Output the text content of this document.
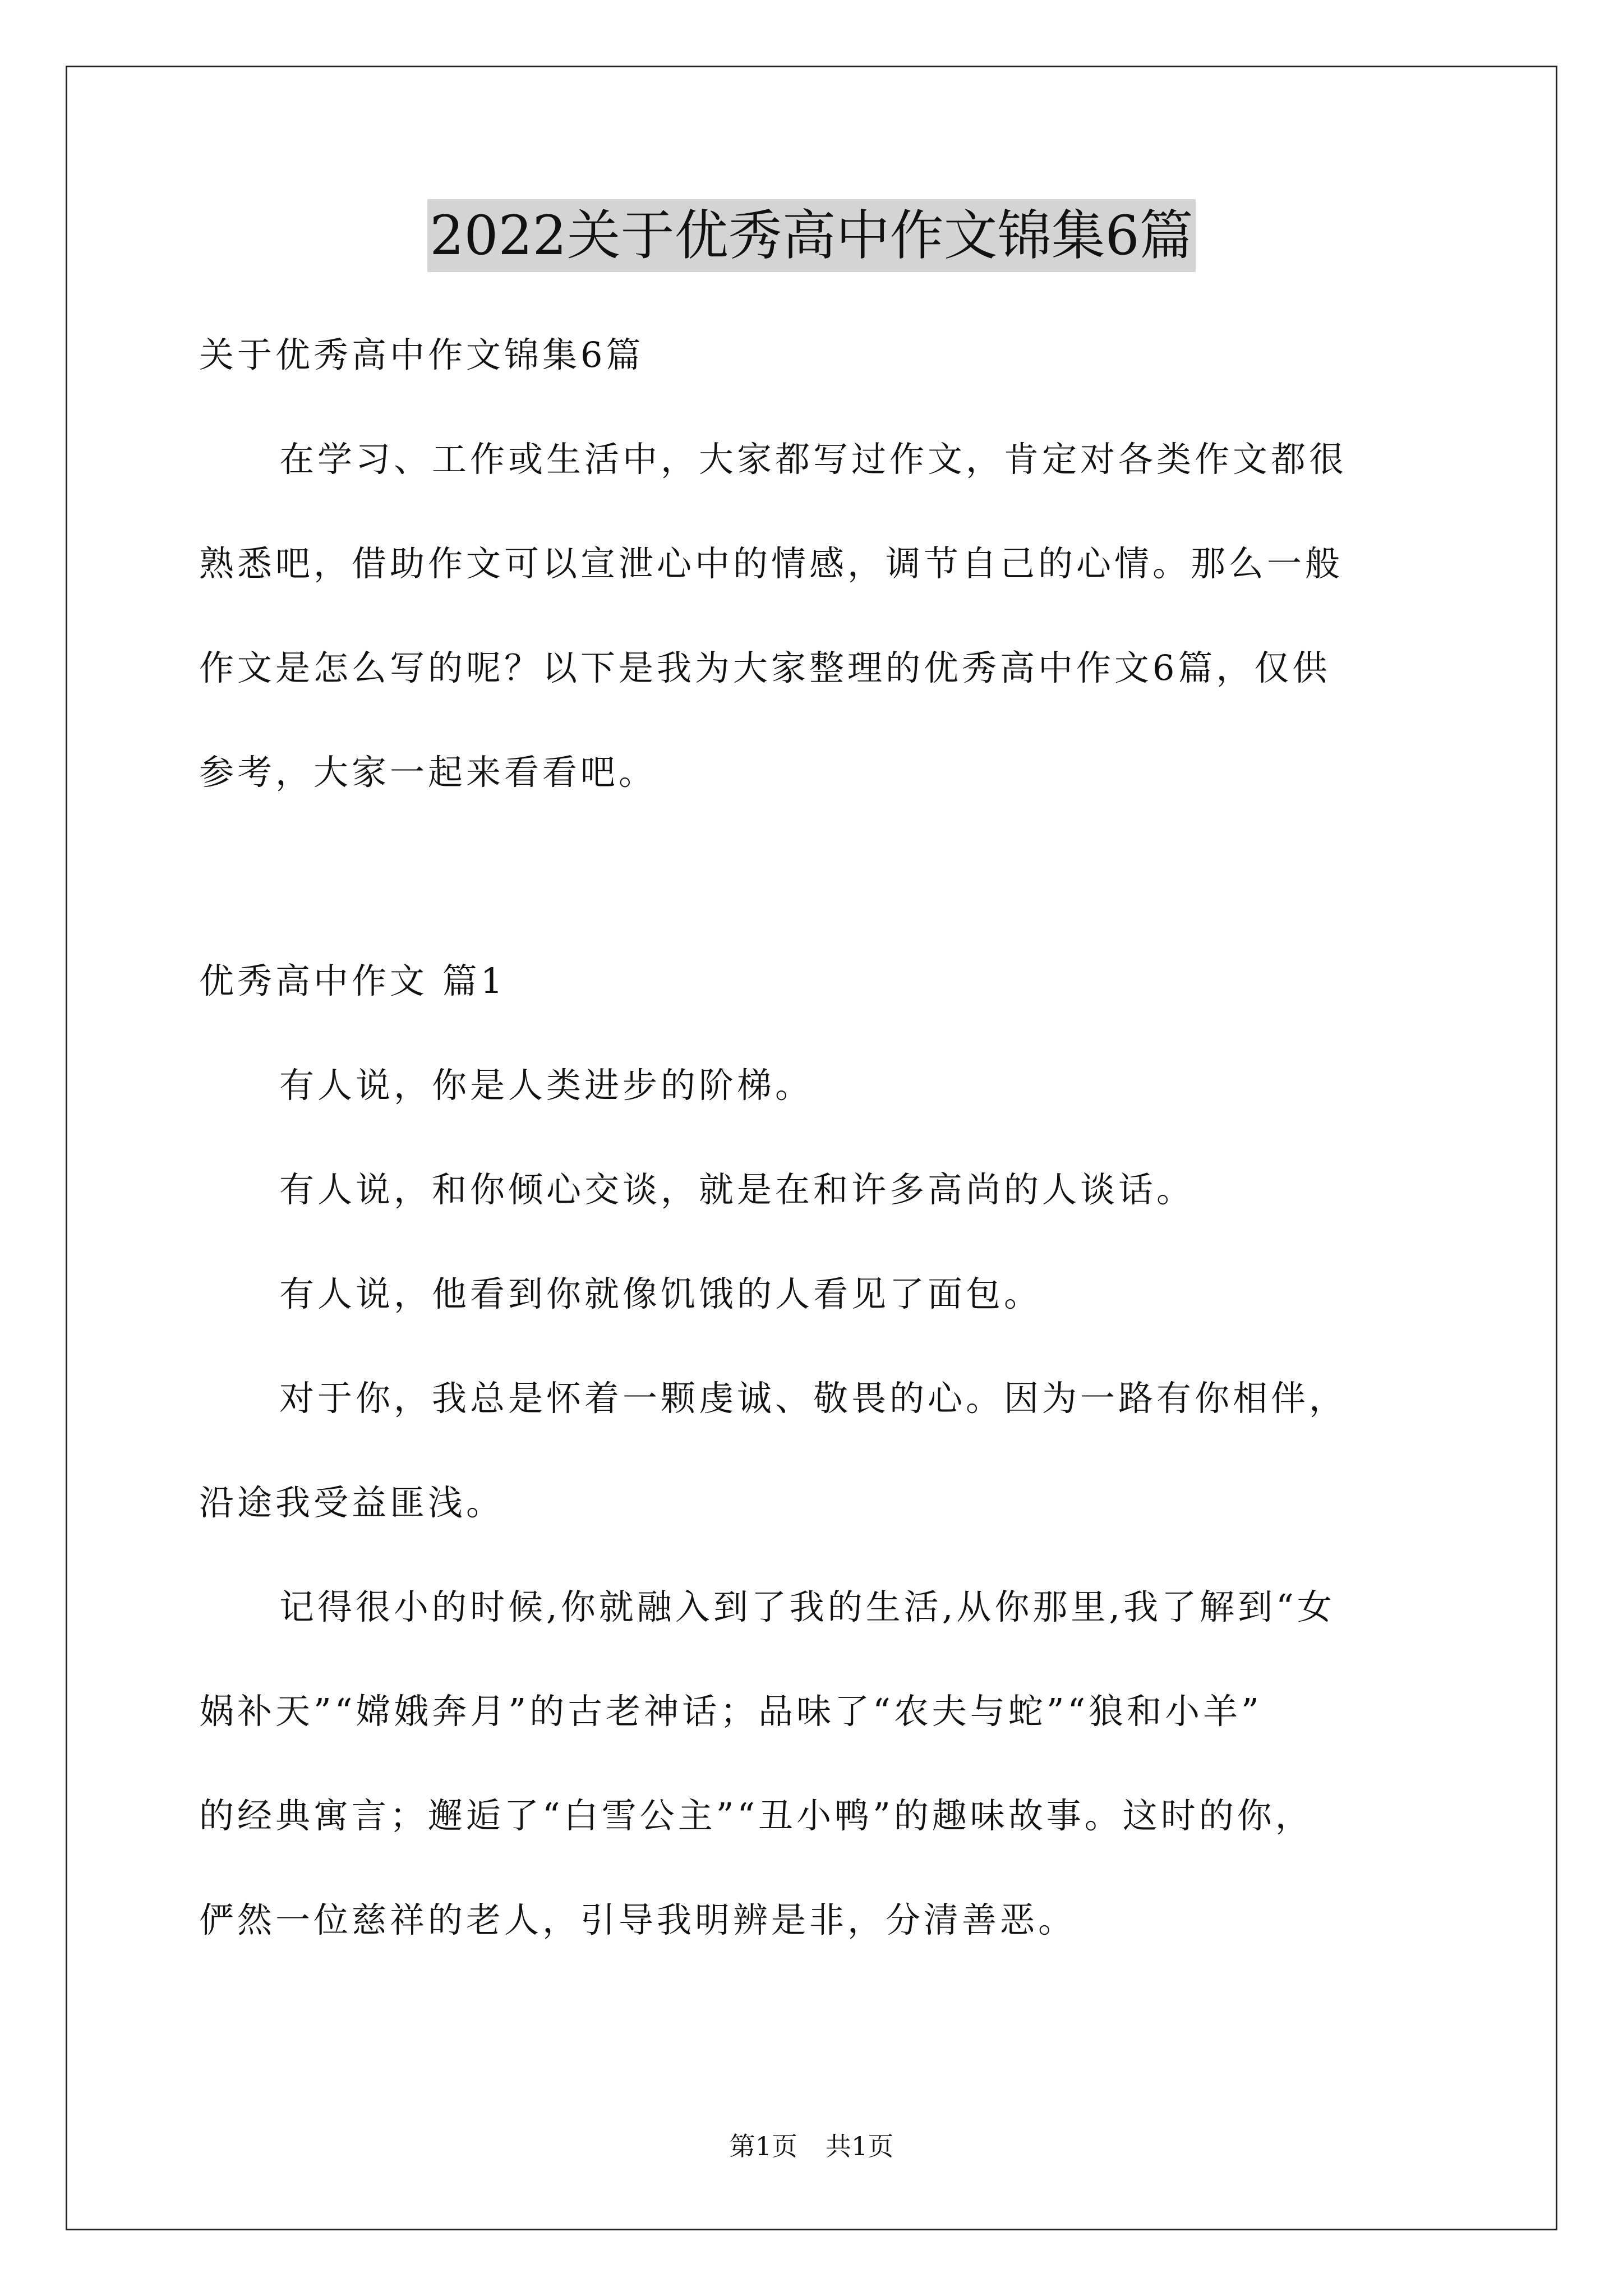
2022关于优秀高中作文锦集6篇
关于优秀高中作文锦集6篇
在学习、工作或生活中，大家都写过作文，肯定对各类作文都很
熟悉吧，借助作文可以宣泄心中的情感，调节自己的心情。那么一般
作文是怎么写的呢？以下是我为大家整理的优秀高中作文6篇，仅供
参考，大家一起来看看吧。
优秀高中作文 篇1
有人说，你是人类进步的阶梯。
有人说，和你倾心交谈，就是在和许多高尚的人谈话。
有人说，他看到你就像饥饿的人看见了面包。
对于你，我总是怀着一颗虔诚、敬畏的心。因为一路有你相伴，
沿途我受益匪浅。
记得很小的时候,你就融入到了我的生活,从你那里,我了解到“女
娲补天”“嫦娥奔月”的古老神话；品味了“农夫与蛇”“狼和小羊”
的经典寓言；邂逅了“白雪公主”“丑小鸭”的趣味故事。这时的你，
俨然一位慈祥的老人，引导我明辨是非，分清善恶。
第1页 共1页
